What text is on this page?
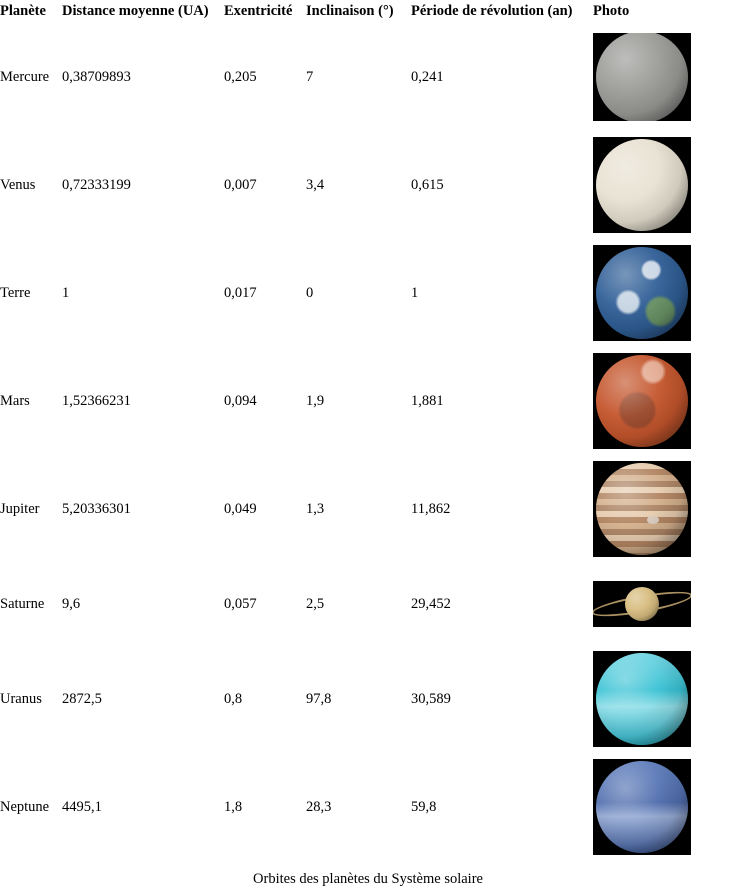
Planète	Distance moyenne (UA)	Exentricité	Inclinaison (°)	Période de révolution (an)	Photo
Mercure	0,38709893	0,205	7	0,241	

Venus	0,72333199	0,007	3,4	0,615	

Terre	1	0,017	0	1	

Mars	1,52366231	0,094	1,9	1,881	

Jupiter	5,20336301	0,049	1,3	11,862	

Saturne	9,6	0,057	2,5	29,452	

Uranus	2872,5	0,8	97,8	30,589	

Neptune	4495,1	1,8	28,3	59,8	
Orbites des planètes du Système solaire
